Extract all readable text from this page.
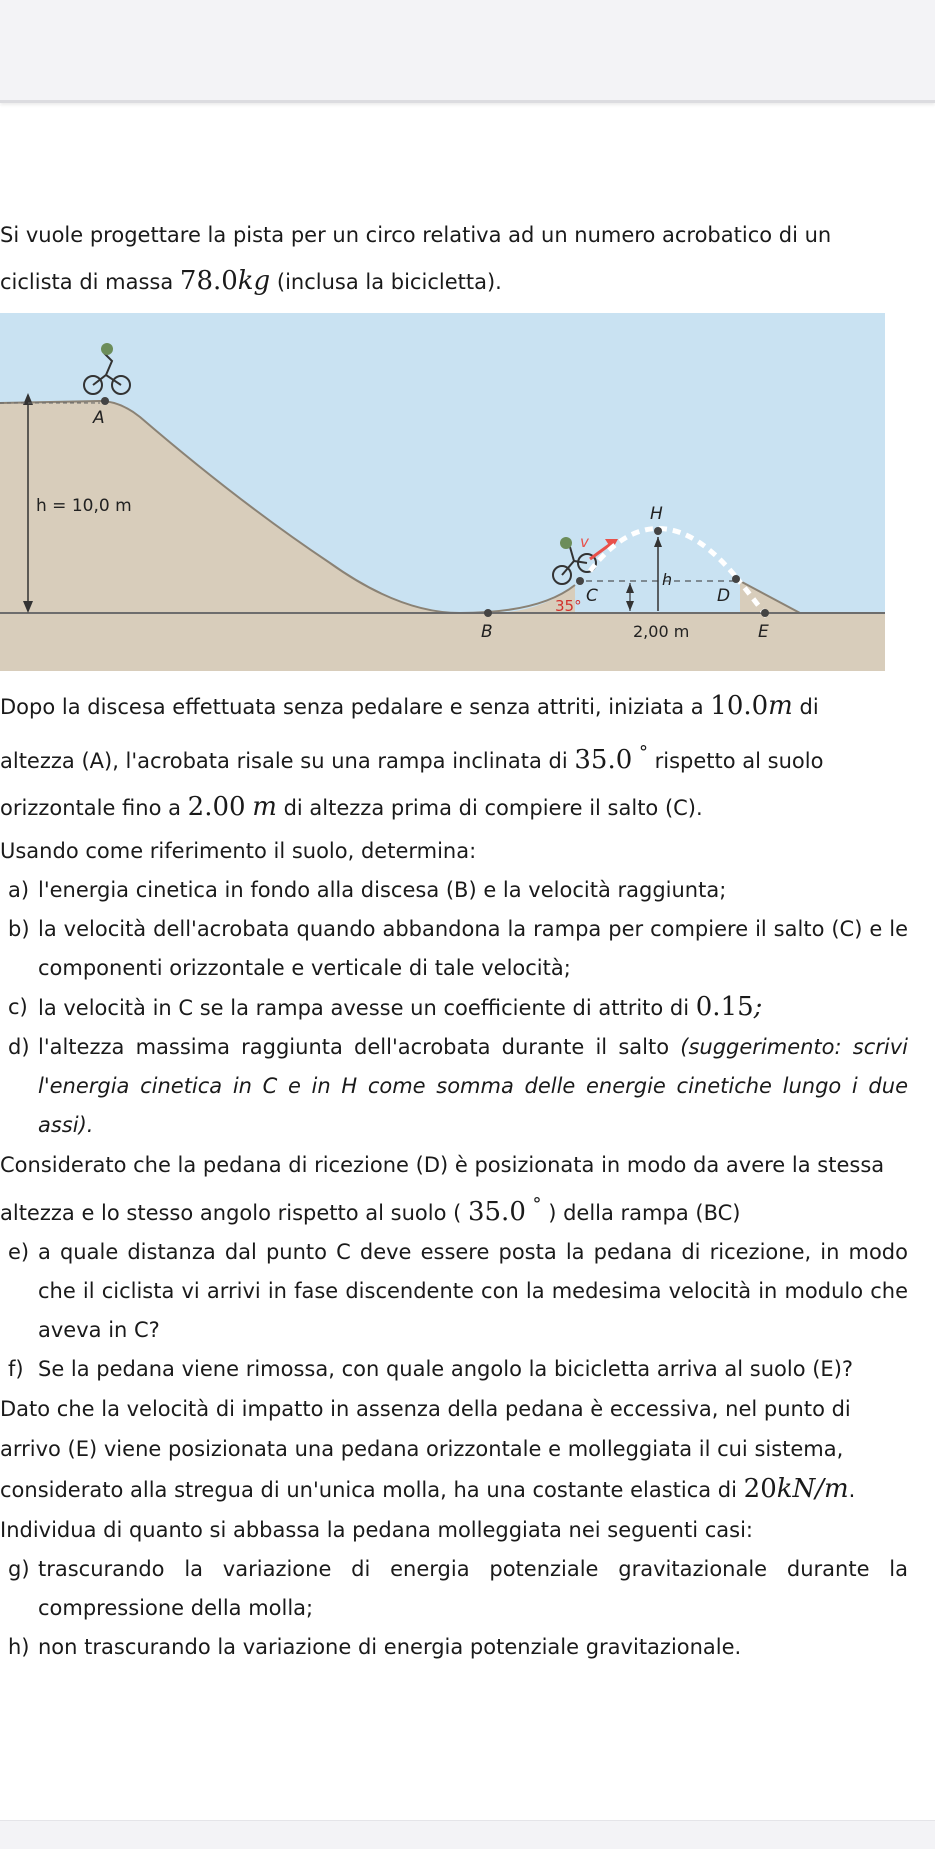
Si vuole progettare la pista per un circo relativa ad un numero acrobatico di un

ciclista di massa 78.0kg (inclusa la bicicletta).

h = 10,0 m
A
B
C
35°
v
H
h
2,00 m
D
E

Dopo la discesa effettuata senza pedalare e senza attriti, iniziata a 10.0m di

altezza (A), l'acrobata risale su una rampa inclinata di 35.0 ° rispetto al suolo

orizzontale fino a 2.00 m di altezza prima di compiere il salto (C).

Usando come riferimento il suolo, determina:

a) l'energia cinetica in fondo alla discesa (B) e la velocità raggiunta;
b) la velocità dell'acrobata quando abbandona la rampa per compiere il salto (C) e le componenti orizzontale e verticale di tale velocità;
c) la velocità in C se la rampa avesse un coefficiente di attrito di 0.15;
d) l'altezza massima raggiunta dell'acrobata durante il salto (suggerimento: scrivi l'energia cinetica in C e in H come somma delle energie cinetiche lungo i due assi).

Considerato che la pedana di ricezione (D) è posizionata in modo da avere la stessa

altezza e lo stesso angolo rispetto al suolo ( 35.0 ° ) della rampa (BC)

e) a quale distanza dal punto C deve essere posta la pedana di ricezione, in modo che il ciclista vi arrivi in fase discendente con la medesima velocità in modulo che aveva in C?
f) Se la pedana viene rimossa, con quale angolo la bicicletta arriva al suolo (E)?

Dato che la velocità di impatto in assenza della pedana è eccessiva, nel punto di

arrivo (E) viene posizionata una pedana orizzontale e molleggiata il cui sistema,

considerato alla stregua di un'unica molla, ha una costante elastica di 20kN/m.

Individua di quanto si abbassa la pedana molleggiata nei seguenti casi:

g) trascurando la variazione di energia potenziale gravitazionale durante la compressione della molla;
h) non trascurando la variazione di energia potenziale gravitazionale.
